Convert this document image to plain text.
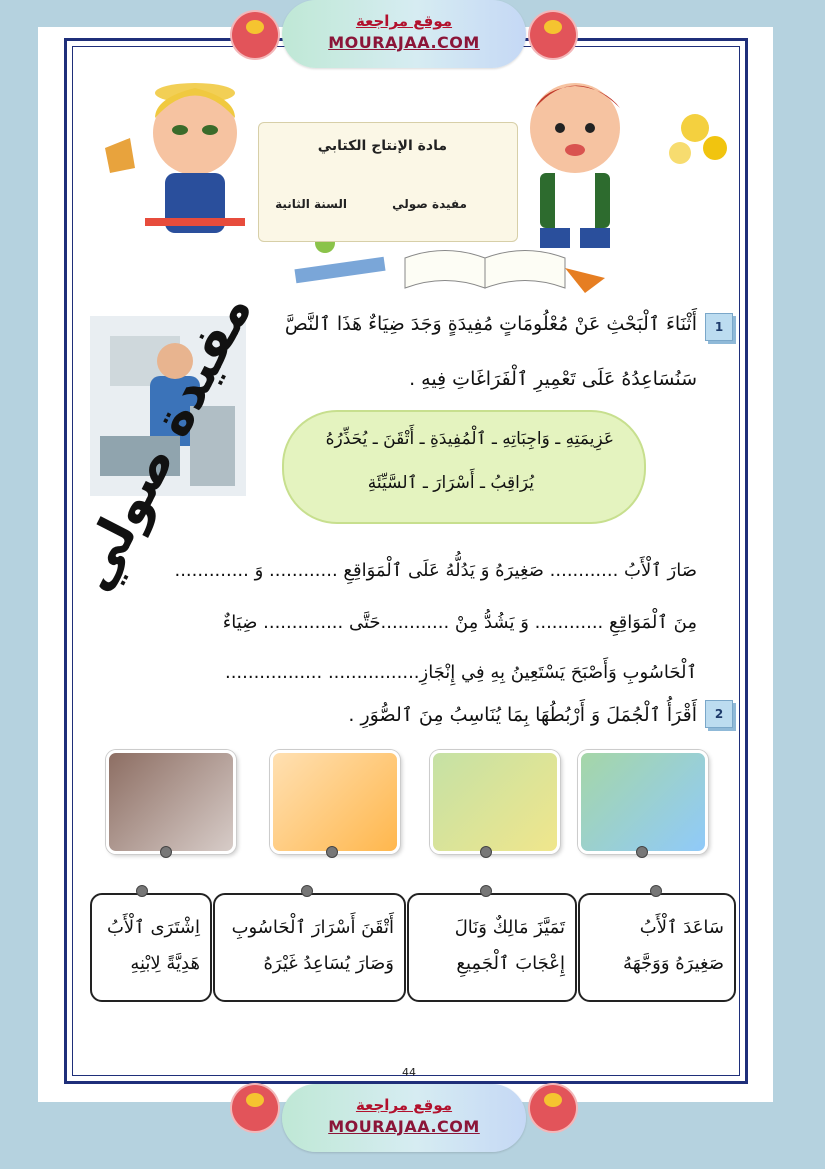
موقع مراجعة
MOURAJAA.COM
مادة الإنتاج الكتابي
السنة الثانية	مفيدة صولي
مفيدة صولي	1
أَثْنَاءَ ٱلْبَحْثِ عَنْ مُعْلُومَاتٍ مُفِيدَةٍ وَجَدَ ضِيَاءٌ هَذَا ٱلنَّصَّ
سَنُسَاعِدُهُ عَلَى تَعْمِيرِ ٱلْفَرَاغَاتِ فِيهِ .
عَزِيمَتِهِ ـ وَاجِبَاتِهِ ـ ٱلْمُفِيدَةِ ـ أَتْقَنَ ـ يُحَذِّرُهُ
يُرَاقِبُ ـ أَسْرَارَ ـ ٱلسَّيِّئَةِ
صَارَ ٱلْأَبُ ............ صَغِيرَهُ وَ يَدُلُّهُ عَلَى ٱلْمَوَاقِعِ ............ وَ .............
مِنَ ٱلْمَوَاقِعِ ............ وَ يَشُدُّ مِنْ ............حَتَّى .............. ضِيَاءٌ
ٱلْحَاسُوبِ وَأَصْبَحَ يَسْتَعِينُ بِهِ فِي إِنْجَازِ................ .................
2
أَقْرَأُ ٱلْجُمَلَ وَ أَرْبُطُهَا بِمَا يُنَاسِبُ مِنَ ٱلصُّوَرِ .
سَاعَدَ ٱلْأَبُ
صَغِيرَهُ وَوَجَّهَهُ
تَمَيَّزَ مَالِكٌ وَنَالَ
إِعْجَابَ ٱلْجَمِيعِ
أَتْقَنَ أَسْرَارَ ٱلْحَاسُوبِ
وَصَارَ يُسَاعِدُ غَيْرَهُ
اِشْتَرَى ٱلْأَبُ
هَدِيَّةً لِابْنِهِ
44
موقع مراجعة
MOURAJAA.COM
